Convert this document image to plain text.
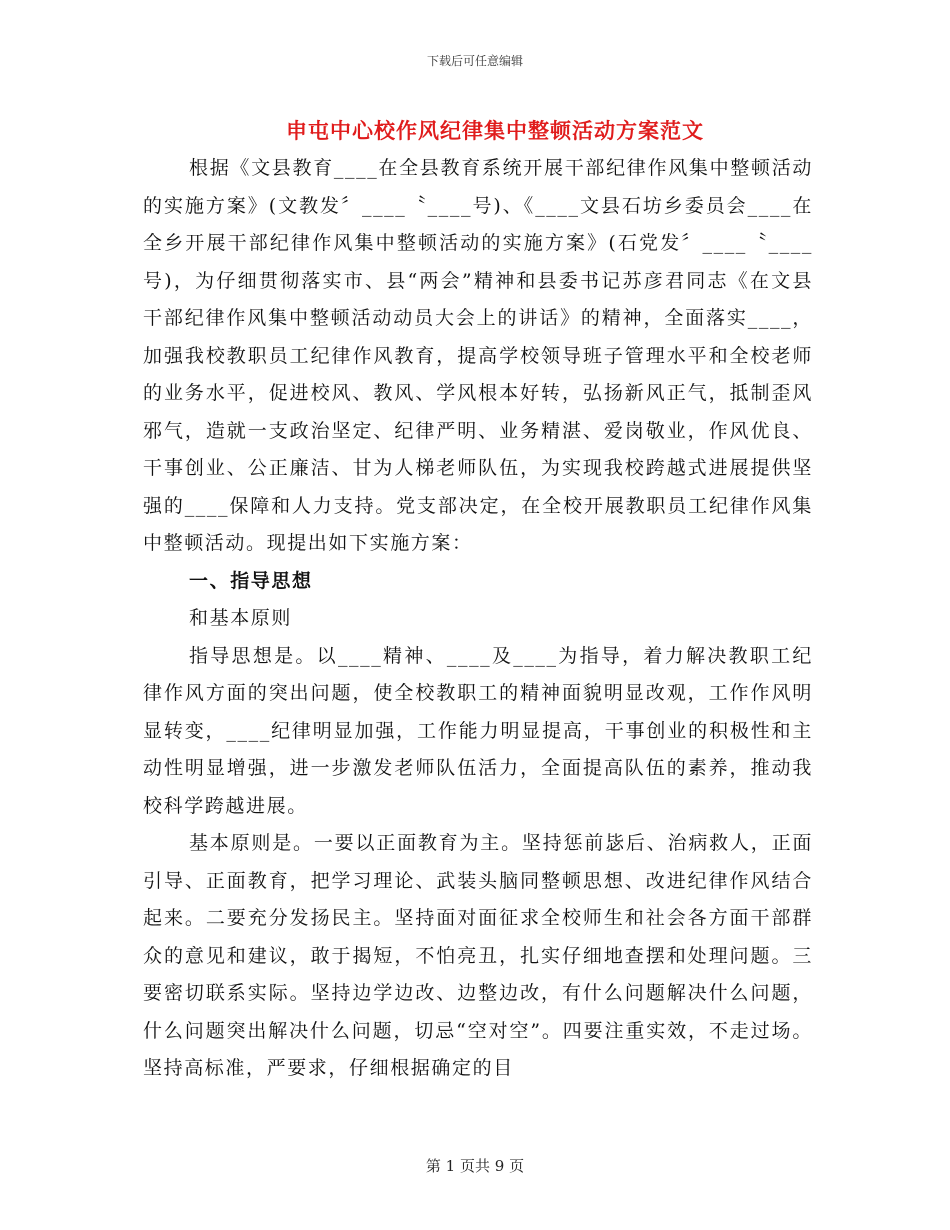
下载后可任意编辑
申屯中心校作风纪律集中整顿活动方案范文

根据《文县教育____在全县教育系统开展干部纪律作风集中整顿活动的实施方案》(文教发〞____〝____号)、《____文县石坊乡委员会____在全乡开展干部纪律作风集中整顿活动的实施方案》(石党发〞____〝____号)，为仔细贯彻落实市、县“两会”精神和县委书记苏彦君同志《在文县干部纪律作风集中整顿活动动员大会上的讲话》的精神，全面落实____，加强我校教职员工纪律作风教育，提高学校领导班子管理水平和全校老师的业务水平，促进校风、教风、学风根本好转，弘扬新风正气，抵制歪风邪气，造就一支政治坚定、纪律严明、业务精湛、爱岗敬业，作风优良、干事创业、公正廉洁、甘为人梯老师队伍，为实现我校跨越式进展提供坚强的____保障和人力支持。党支部决定，在全校开展教职员工纪律作风集中整顿活动。现提出如下实施方案：

一、指导思想

和基本原则

指导思想是。以____精神、____及____为指导，着力解决教职工纪律作风方面的突出问题，使全校教职工的精神面貌明显改观，工作作风明显转变，____纪律明显加强，工作能力明显提高，干事创业的积极性和主动性明显增强，进一步激发老师队伍活力，全面提高队伍的素养，推动我校科学跨越进展。

基本原则是。一要以正面教育为主。坚持惩前毖后、治病救人，正面引导、正面教育，把学习理论、武装头脑同整顿思想、改进纪律作风结合起来。二要充分发扬民主。坚持面对面征求全校师生和社会各方面干部群众的意见和建议，敢于揭短，不怕亮丑，扎实仔细地查摆和处理问题。三要密切联系实际。坚持边学边改、边整边改，有什么问题解决什么问题，什么问题突出解决什么问题，切忌“空对空”。四要注重实效，不走过场。坚持高标准，严要求，仔细根据确定的目

第 1 页共 9 页
